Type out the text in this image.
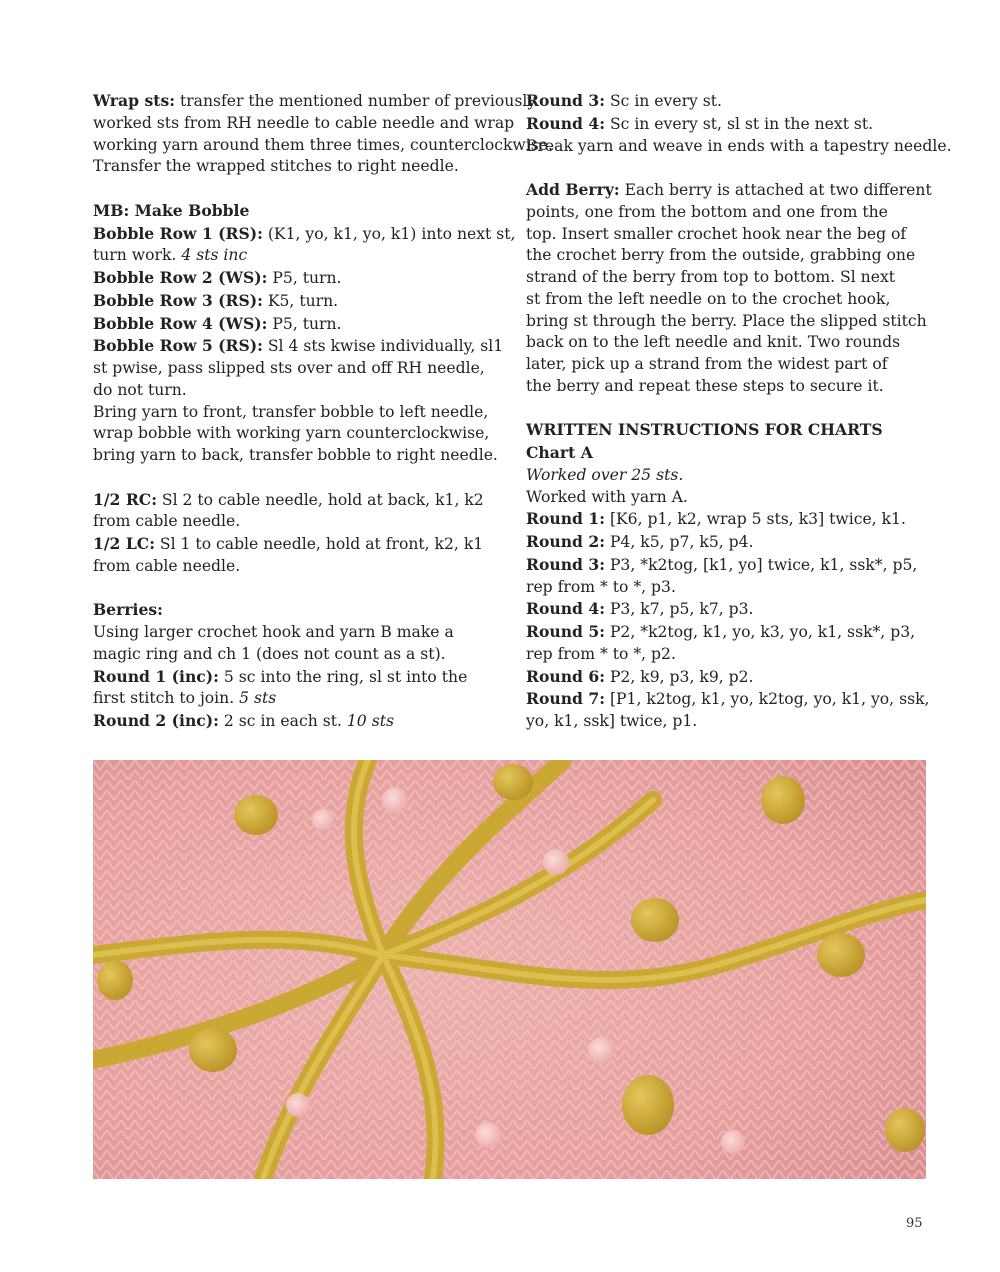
Wrap sts: transfer the mentioned number of previously
worked sts from RH needle to cable needle and wrap
working yarn around them three times, counterclockwise.
Transfer the wrapped stitches to right needle.
MB: Make Bobble
Bobble Row 1 (RS): (K1, yo, k1, yo, k1) into next st,
turn work. 4 sts inc
Bobble Row 2 (WS): P5, turn.
Bobble Row 3 (RS): K5, turn.
Bobble Row 4 (WS): P5, turn.
Bobble Row 5 (RS): Sl 4 sts kwise individually, sl1
st pwise, pass slipped sts over and off RH needle,
do not turn.
Bring yarn to front, transfer bobble to left needle,
wrap bobble with working yarn counterclockwise,
bring yarn to back, transfer bobble to right needle.
1/2 RC: Sl 2 to cable needle, hold at back, k1, k2
from cable needle.
1/2 LC: Sl 1 to cable needle, hold at front, k2, k1
from cable needle.
Berries:
Using larger crochet hook and yarn B make a
magic ring and ch 1 (does not count as a st).
Round 1 (inc): 5 sc into the ring, sl st into the
first stitch to join. 5 sts
Round 2 (inc): 2 sc in each st. 10 sts
Round 3: Sc in every st.
Round 4: Sc in every st, sl st in the next st.
Break yarn and weave in ends with a tapestry needle.
Add Berry: Each berry is attached at two different
points, one from the bottom and one from the
top. Insert smaller crochet hook near the beg of
the crochet berry from the outside, grabbing one
strand of the berry from top to bottom. Sl next
st from the left needle on to the crochet hook,
bring st through the berry. Place the slipped stitch
back on to the left needle and knit. Two rounds
later, pick up a strand from the widest part of
the berry and repeat these steps to secure it.
WRITTEN INSTRUCTIONS FOR CHARTS
Chart A
Worked over 25 sts.
Worked with yarn A.
Round 1: [K6, p1, k2, wrap 5 sts, k3] twice, k1.
Round 2: P4, k5, p7, k5, p4.
Round 3: P3, *k2tog, [k1, yo] twice, k1, ssk*, p5,
rep from * to *, p3.
Round 4: P3, k7, p5, k7, p3.
Round 5: P2, *k2tog, k1, yo, k3, yo, k1, ssk*, p3,
rep from * to *, p2.
Round 6: P2, k9, p3, k9, p2.
Round 7: [P1, k2tog, k1, yo, k2tog, yo, k1, yo, ssk,
yo, k1, ssk] twice, p1.
95
